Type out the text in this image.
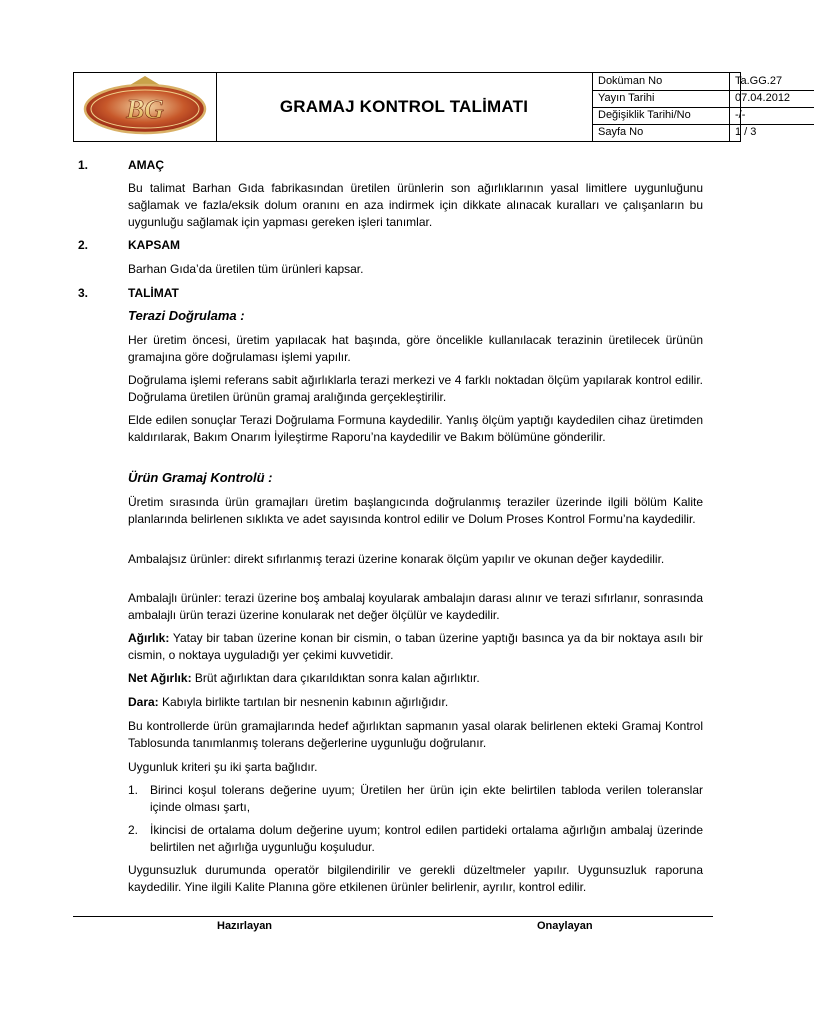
BG	GRAMAJ KONTROL TALİMATI
Doküman No	Ta.GG.27
Yayın Tarihi	07.04.2012
Değişiklik Tarihi/No	-/-
Sayfa No	1 / 3
1.	AMAÇ
Bu talimat Barhan Gıda fabrikasından üretilen ürünlerin son ağırlıklarının yasal limitlere uygunluğunu sağlamak ve fazla/eksik dolum oranını en aza indirmek için dikkate alınacak kuralları ve çalışanların bu uygunluğu sağlamak için yapması gereken işleri tanımlar.
2.	KAPSAM
Barhan Gıda’da üretilen tüm ürünleri kapsar.
3.	TALİMAT
Terazi Doğrulama :
Her üretim öncesi, üretim yapılacak hat başında, göre öncelikle kullanılacak terazinin üretilecek ürünün gramajına göre doğrulaması işlemi yapılır.
Doğrulama işlemi referans sabit ağırlıklarla terazi merkezi ve 4 farklı noktadan ölçüm yapılarak kontrol edilir. Doğrulama üretilen ürünün gramaj aralığında gerçekleştirilir.
Elde edilen sonuçlar Terazi Doğrulama Formuna kaydedilir. Yanlış ölçüm yaptığı kaydedilen cihaz üretimden kaldırılarak, Bakım Onarım İyileştirme Raporu’na kaydedilir ve Bakım bölümüne gönderilir.
Ürün Gramaj Kontrolü :
Üretim sırasında ürün gramajları üretim başlangıcında doğrulanmış teraziler üzerinde ilgili bölüm Kalite planlarında belirlenen sıklıkta ve adet sayısında kontrol edilir ve Dolum Proses Kontrol Formu’na kaydedilir.
Ambalajsız ürünler: direkt sıfırlanmış terazi üzerine konarak ölçüm yapılır ve okunan değer kaydedilir.
Ambalajlı ürünler: terazi üzerine boş ambalaj koyularak ambalajın darası alınır ve terazi sıfırlanır, sonrasında ambalajlı ürün terazi üzerine konularak net değer ölçülür ve kaydedilir.
Ağırlık: Yatay bir taban üzerine konan bir cismin, o taban üzerine yaptığı basınca ya da bir noktaya asılı bir cismin, o noktaya uyguladığı yer çekimi kuvvetidir.
Net Ağırlık: Brüt ağırlıktan dara çıkarıldıktan sonra kalan ağırlıktır.
Dara: Kabıyla birlikte tartılan bir nesnenin kabının ağırlığıdır.
Bu kontrollerde ürün gramajlarında hedef ağırlıktan sapmanın yasal olarak belirlenen ekteki Gramaj Kontrol Tablosunda tanımlanmış tolerans değerlerine uygunluğu doğrulanır.
Uygunluk kriteri şu iki şarta bağlıdır.
1. Birinci koşul tolerans değerine uyum; Üretilen her ürün için ekte belirtilen tabloda verilen toleranslar içinde olması şartı,
2. İkincisi de ortalama dolum değerine uyum; kontrol edilen partideki ortalama ağırlığın ambalaj üzerinde belirtilen net ağırlığa uygunluğu koşuludur.
Uygunsuzluk durumunda operatör bilgilendirilir ve gerekli düzeltmeler yapılır. Uygunsuzluk raporuna kaydedilir. Yine ilgili Kalite Planına göre etkilenen ürünler belirlenir, ayrılır, kontrol edilir.
Hazırlayan	Onaylayan
